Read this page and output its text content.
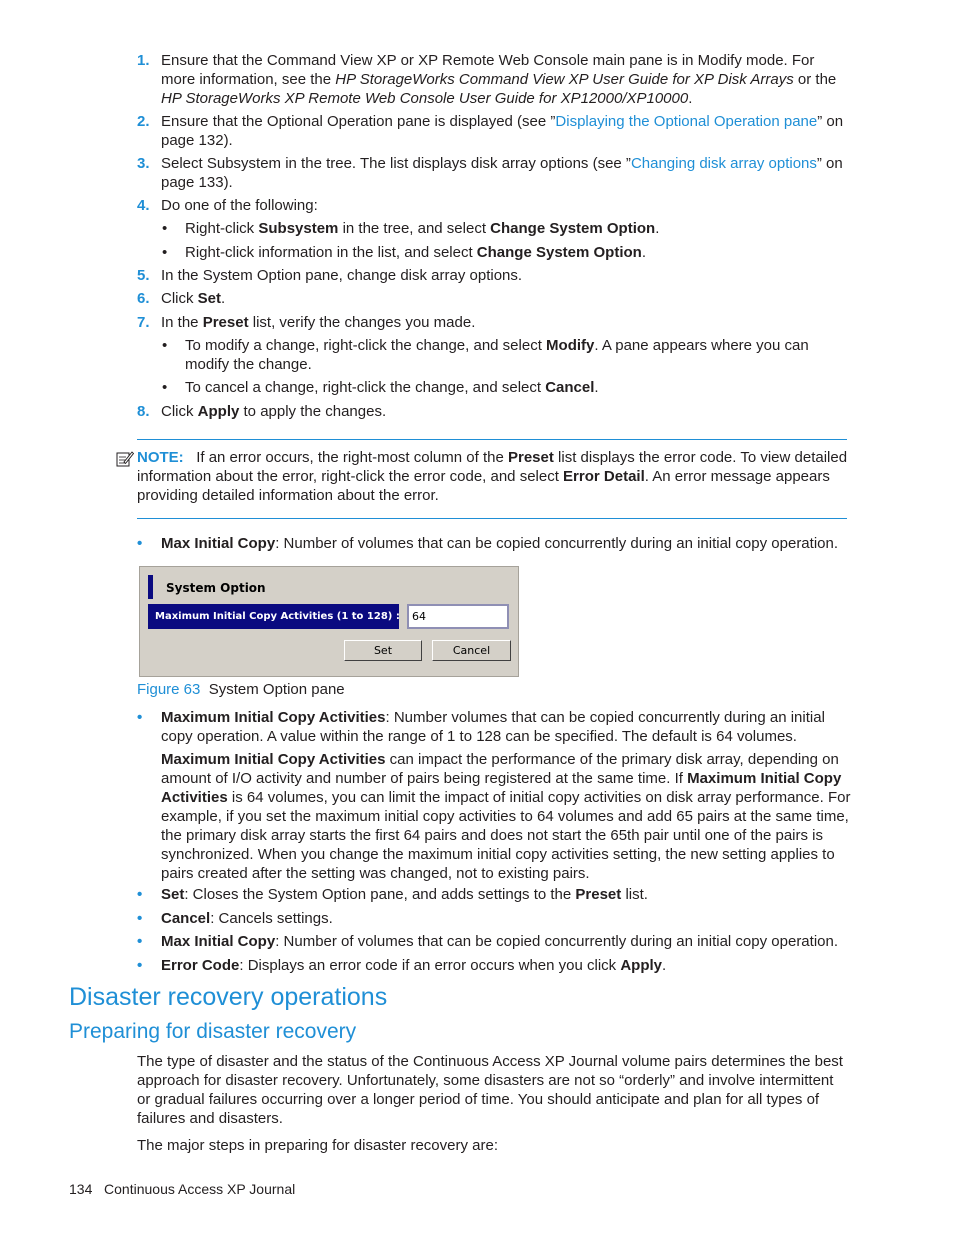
1. Ensure that the Command View XP or XP Remote Web Console main pane is in Modify mode. For more information, see the HP StorageWorks Command View XP User Guide for XP Disk Arrays or the HP StorageWorks XP Remote Web Console User Guide for XP12000/XP10000.
2. Ensure that the Optional Operation pane is displayed (see ”Displaying the Optional Operation pane” on page 132).
3. Select Subsystem in the tree. The list displays disk array options (see ”Changing disk array options” on page 133).
4. Do one of the following:
• Right-click Subsystem in the tree, and select Change System Option.
• Right-click information in the list, and select Change System Option.
5. In the System Option pane, change disk array options.
6. Click Set.
7. In the Preset list, verify the changes you made.
• To modify a change, right-click the change, and select Modify. A pane appears where you can modify the change.
• To cancel a change, right-click the change, and select Cancel.
8. Click Apply to apply the changes.
NOTE: If an error occurs, the right-most column of the Preset list displays the error code. To view detailed information about the error, right-click the error code, and select Error Detail. An error message appears providing detailed information about the error.
• Max Initial Copy: Number of volumes that can be copied concurrently during an initial copy operation.
System Option
Maximum Initial Copy Activities (1 to 128) :
64
Set	Cancel
Figure 63 System Option pane
• Maximum Initial Copy Activities: Number volumes that can be copied concurrently during an initial copy operation. A value within the range of 1 to 128 can be specified. The default is 64 volumes.
Maximum Initial Copy Activities can impact the performance of the primary disk array, depending on amount of I/O activity and number of pairs being registered at the same time. If Maximum Initial Copy Activities is 64 volumes, you can limit the impact of initial copy activities on disk array performance. For example, if you set the maximum initial copy activities to 64 volumes and add 65 pairs at the same time, the primary disk array starts the first 64 pairs and does not start the 65th pair until one of the pairs is synchronized. When you change the maximum initial copy activities setting, the new setting applies to pairs created after the setting was changed, not to existing pairs.
• Set: Closes the System Option pane, and adds settings to the Preset list.
• Cancel: Cancels settings.
• Max Initial Copy: Number of volumes that can be copied concurrently during an initial copy operation.
• Error Code: Displays an error code if an error occurs when you click Apply.
Disaster recovery operations
Preparing for disaster recovery
The type of disaster and the status of the Continuous Access XP Journal volume pairs determines the best approach for disaster recovery. Unfortunately, some disasters are not so “orderly” and involve intermittent or gradual failures occurring over a longer period of time. You should anticipate and plan for all types of failures and disasters.
The major steps in preparing for disaster recovery are:
134 Continuous Access XP Journal
